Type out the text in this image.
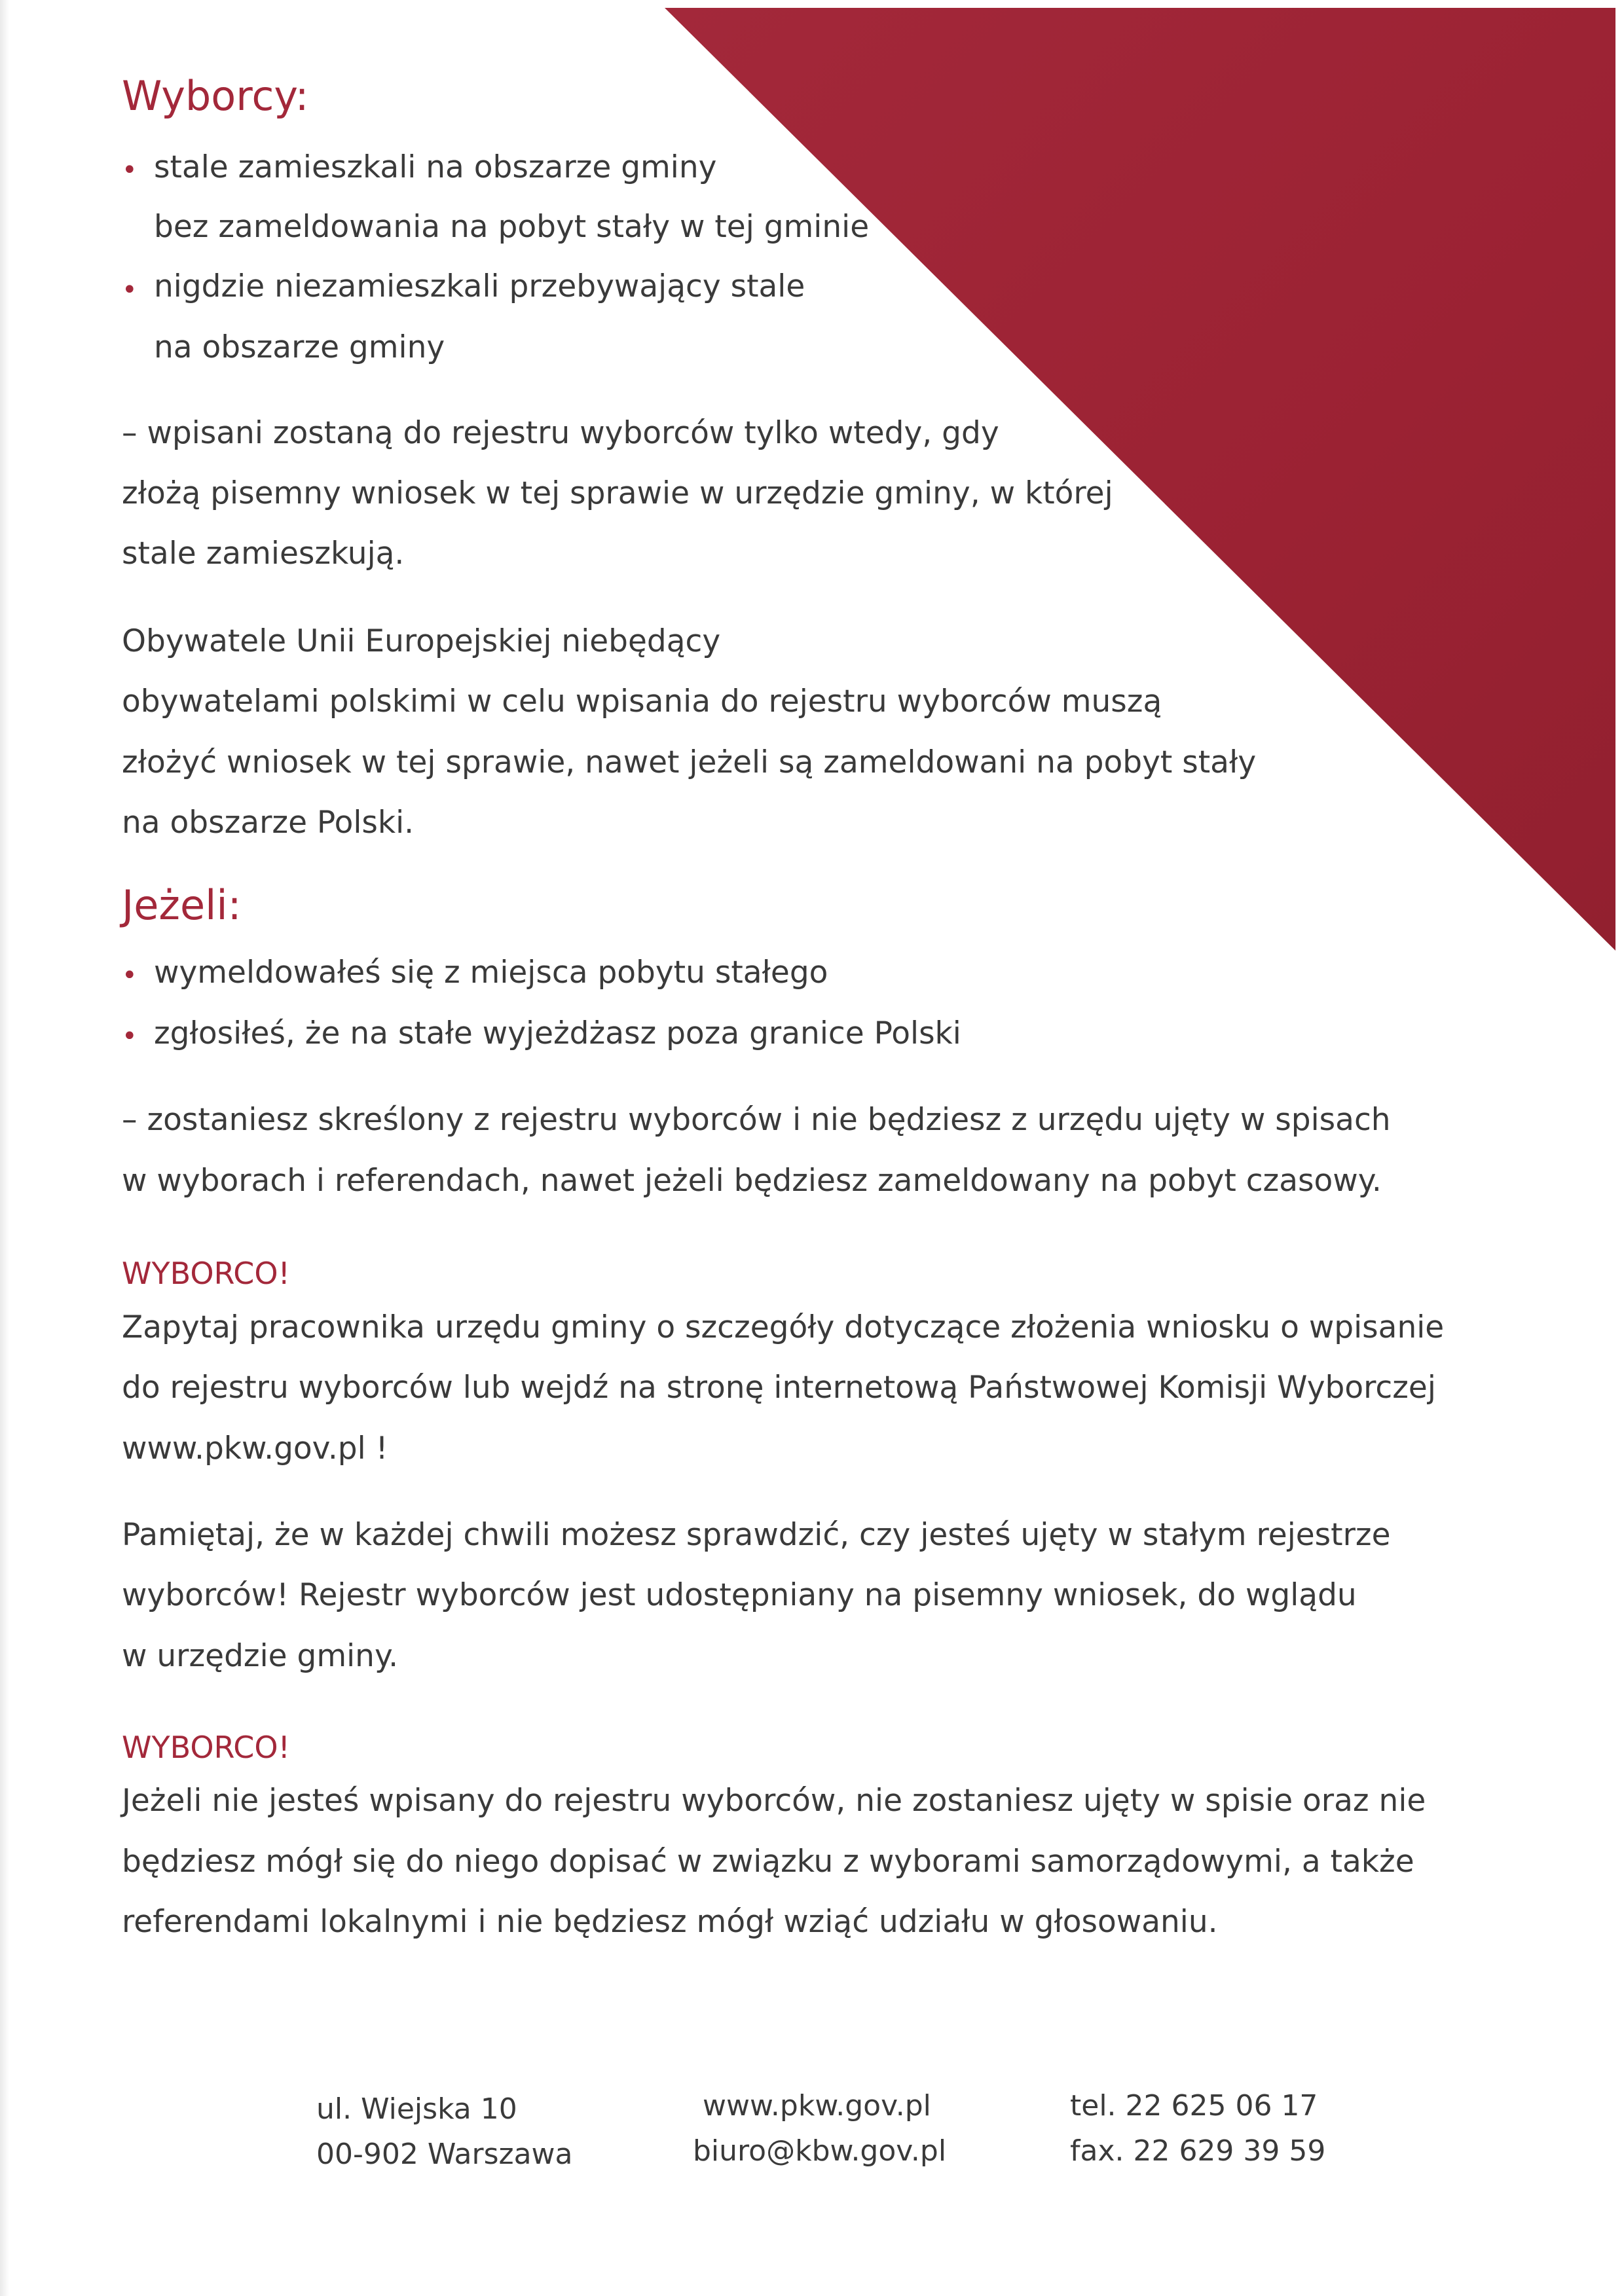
Wyborcy:
• stale zamieszkali na obszarze gminy

bez zameldowania na pobyt stały w tej gminie

• nigdzie niezamieszkali przebywający stale

na obszarze gminy

– wpisani zostaną do rejestru wyborców tylko wtedy, gdy

złożą pisemny wniosek w tej sprawie w urzędzie gminy, w której

stale zamieszkują.

Obywatele Unii Europejskiej niebędący

obywatelami polskimi w celu wpisania do rejestru wyborców muszą

złożyć wniosek w tej sprawie, nawet jeżeli są zameldowani na pobyt stały

na obszarze Polski.

Jeżeli:
• wymeldowałeś się z miejsca pobytu stałego

• zgłosiłeś, że na stałe wyjeżdżasz poza granice Polski

– zostaniesz skreślony z rejestru wyborców i nie będziesz z urzędu ujęty w spisach

w wyborach i referendach, nawet jeżeli będziesz zameldowany na pobyt czasowy.

WYBORCO!

Zapytaj pracownika urzędu gminy o szczegóły dotyczące złożenia wniosku o wpisanie

do rejestru wyborców lub wejdź na stronę internetową Państwowej Komisji Wyborczej

www.pkw.gov.pl !

Pamiętaj, że w każdej chwili możesz sprawdzić, czy jesteś ujęty w stałym rejestrze

wyborców! Rejestr wyborców jest udostępniany na pisemny wniosek, do wglądu

w urzędzie gminy.

WYBORCO!

Jeżeli nie jesteś wpisany do rejestru wyborców, nie zostaniesz ujęty w spisie oraz nie

będziesz mógł się do niego dopisać w związku z wyborami samorządowymi, a także

referendami lokalnymi i nie będziesz mógł wziąć udziału w głosowaniu.

ul. Wiejska 10

00-902 Warszawa

www.pkw.gov.pl

biuro@kbw.gov.pl

tel. 22 625 06 17

fax. 22 629 39 59
